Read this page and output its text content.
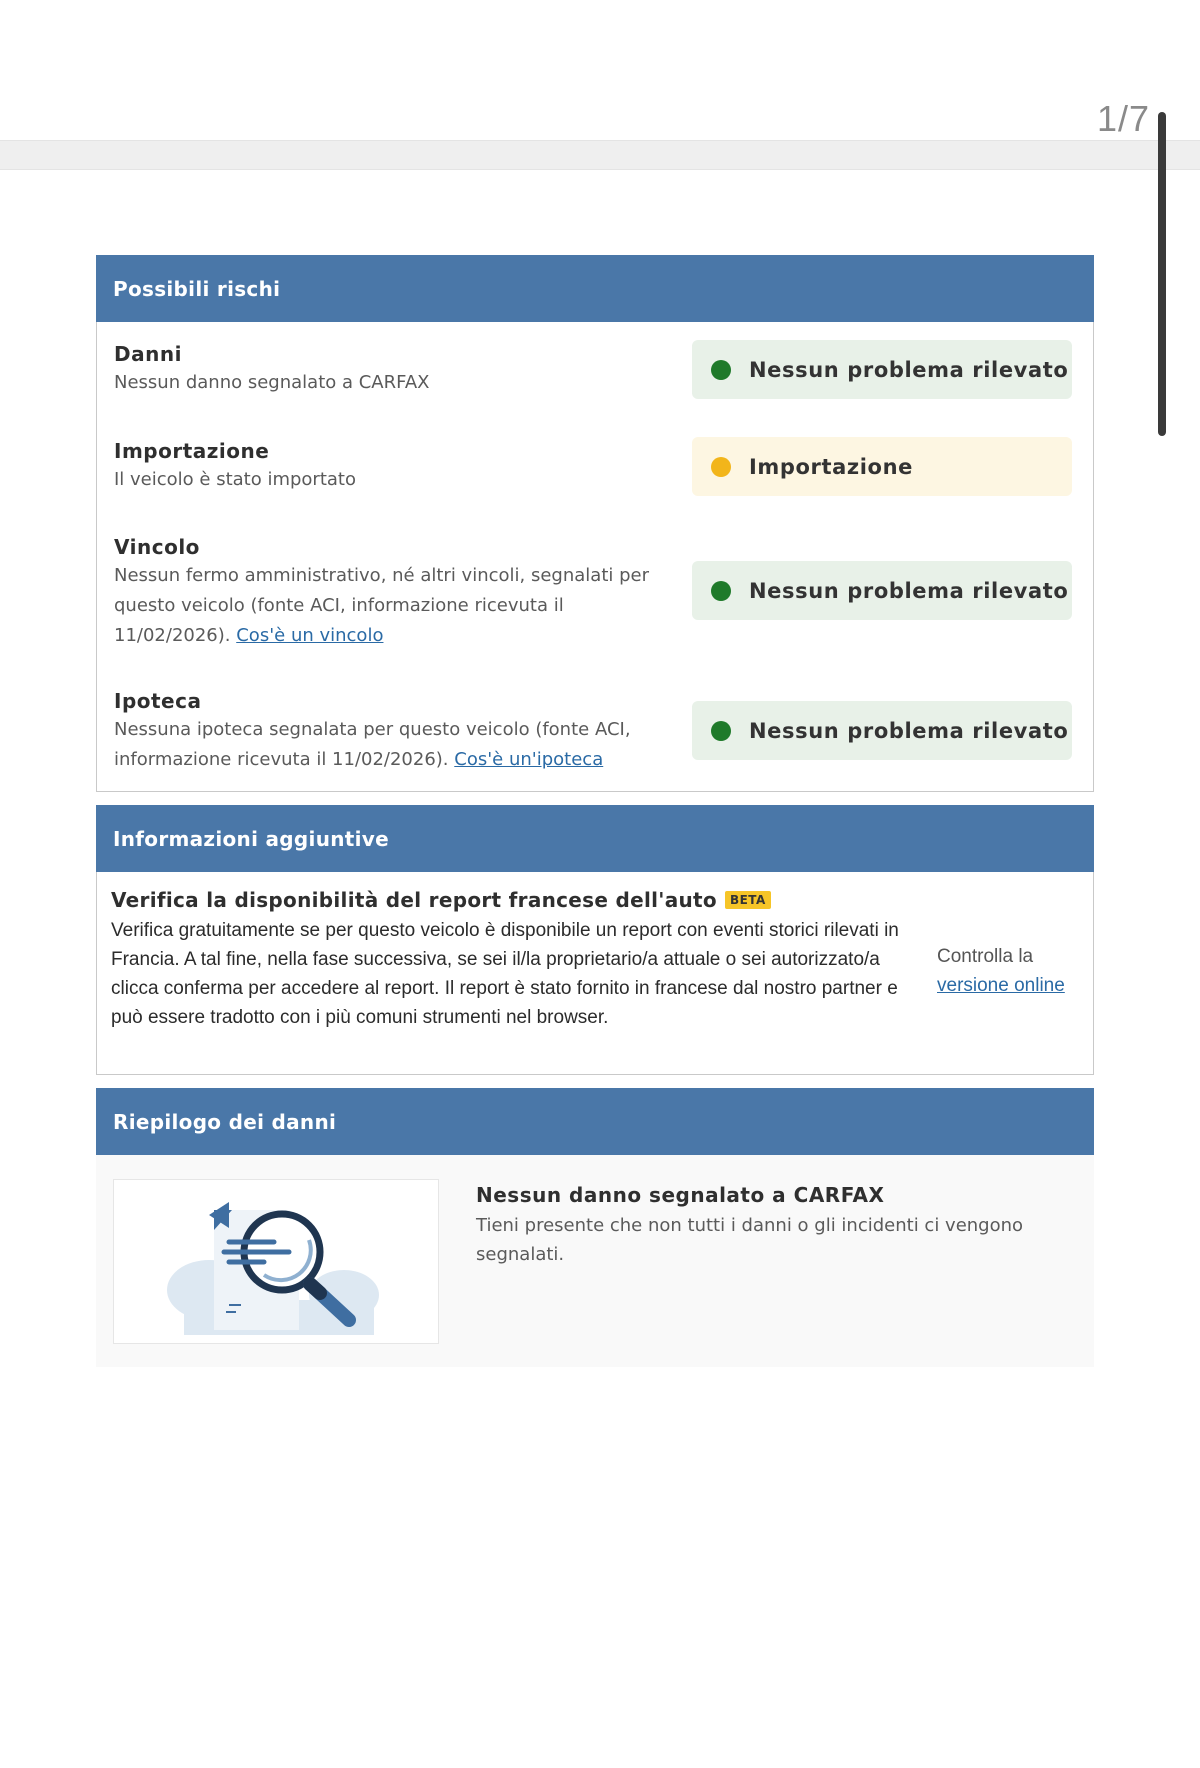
1/7
Possibili rischi
Danni
Nessun danno segnalato a CARFAX
Nessun problema rilevato
Importazione
Il veicolo è stato importato
Importazione
Vincolo
Nessun fermo amministrativo, né altri vincoli, segnalati per questo veicolo (fonte ACI, informazione ricevuta il 11/02/2026). Cos'è un vincolo
Nessun problema rilevato
Ipoteca
Nessuna ipoteca segnalata per questo veicolo (fonte ACI, informazione ricevuta il 11/02/2026). Cos'è un'ipoteca
Nessun problema rilevato
Informazioni aggiuntive
Verifica la disponibilità del report francese dell'auto	BETA
Verifica gratuitamente se per questo veicolo è disponibile un report con eventi storici rilevati in Francia. A tal fine, nella fase successiva, se sei il/la proprietario/a attuale o sei autorizzato/a clicca conferma per accedere al report. Il report è stato fornito in francese dal nostro partner e può essere tradotto con i più comuni strumenti nel browser.
Controlla la
versione online
Riepilogo dei danni
Nessun danno segnalato a CARFAX
Tieni presente che non tutti i danni o gli incidenti ci vengono segnalati.
